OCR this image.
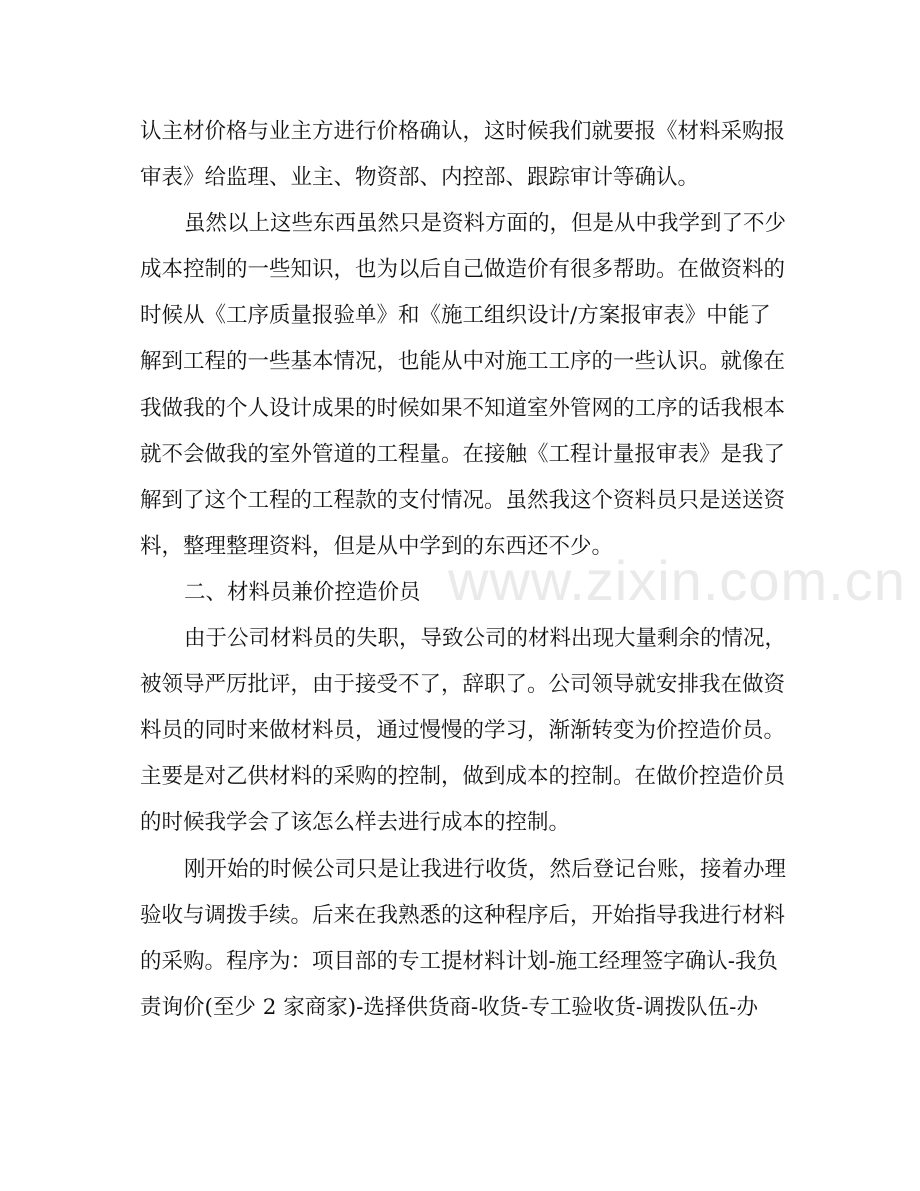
认主材价格与业主方进行价格确认，这时候我们就要报《材料采购报
审表》给监理、业主、物资部、内控部、跟踪审计等确认。
虽然以上这些东西虽然只是资料方面的，但是从中我学到了不少
成本控制的一些知识，也为以后自己做造价有很多帮助。在做资料的
时候从《工序质量报验单》和《施工组织设计/方案报审表》中能了
解到工程的一些基本情况，也能从中对施工工序的一些认识。就像在
我做我的个人设计成果的时候如果不知道室外管网的工序的话我根本
就不会做我的室外管道的工程量。在接触《工程计量报审表》是我了
解到了这个工程的工程款的支付情况。虽然我这个资料员只是送送资
料，整理整理资料，但是从中学到的东西还不少。
二、材料员兼价控造价员
由于公司材料员的失职，导致公司的材料出现大量剩余的情况，
被领导严厉批评，由于接受不了，辞职了。公司领导就安排我在做资
料员的同时来做材料员，通过慢慢的学习，渐渐转变为价控造价员。
主要是对乙供材料的采购的控制，做到成本的控制。在做价控造价员
的时候我学会了该怎么样去进行成本的控制。
刚开始的时候公司只是让我进行收货，然后登记台账，接着办理
验收与调拨手续。后来在我熟悉的这种程序后，开始指导我进行材料
的采购。程序为：项目部的专工提材料计划-施工经理签字确认-我负
责询价(至少 2 家商家)-选择供货商-收货-专工验收货-调拨队伍-办
www.zixin.com.cn
